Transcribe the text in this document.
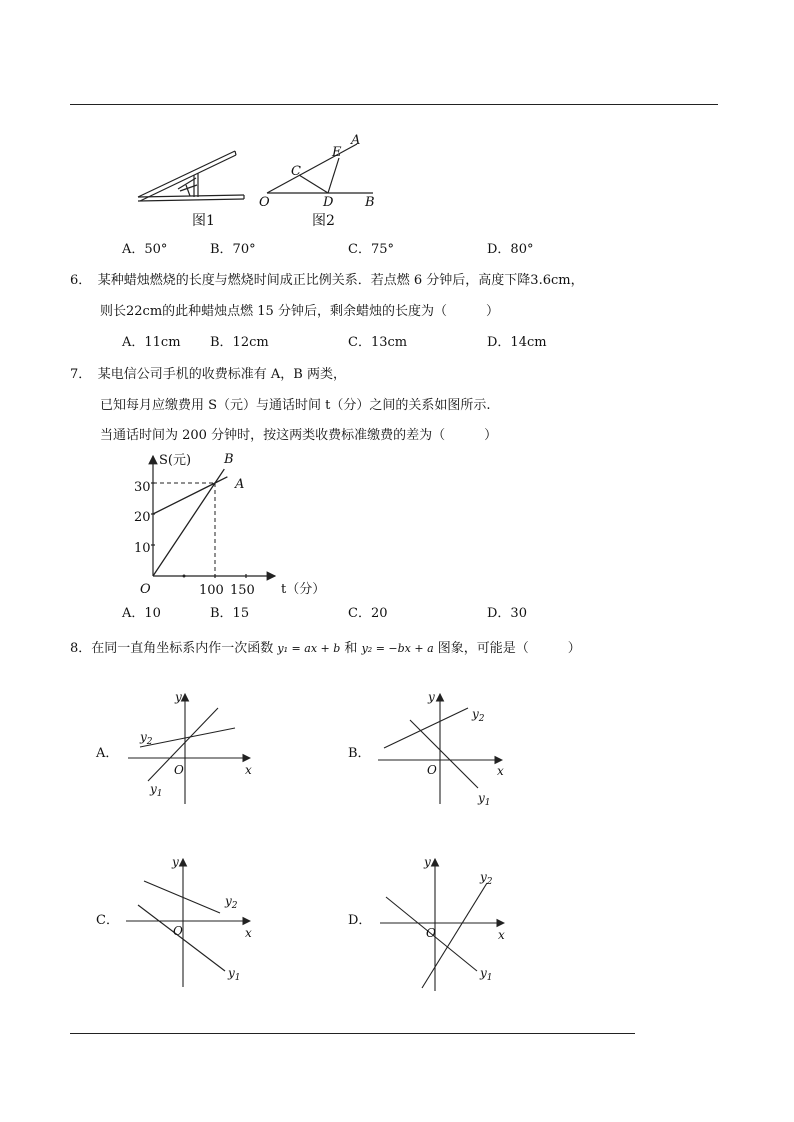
图1
A
E
C
O	D B
图2
A．50°	B．70°	C．75°	D．80°
6．　某种蜡烛燃烧的长度与燃烧时间成正比例关系．若点燃 6 分钟后，高度下降3.6cm，
则长22cm的此种蜡烛点燃 15 分钟后，剩余蜡烛的长度为（　　　）
A．11cm B．12cm	C．13cm	D．14cm
7．　某电信公司手机的收费标准有 A，B 两类，
已知每月应缴费用 S（元）与通话时间 t（分）之间的关系如图所示.
当通话时间为 200 分钟时，按这两类收费标准缴费的差为（　　　）
S(元)
t（分）
O
B
A
10
20
30
100 150
A．10	B．15	C．20	D．30
8．在同一直角坐标系内作一次函数 y₁ = ax + b 和 y₂ = −bx + a 图象，可能是（　　　）
A．
y
x
O
$y_2$
$y_1$
B．
y
x
O
$y_2$
$y_1$
C．
y
x
O
$y_2$
$y_1$
D．
y
x
O
$y_2$
$y_1$
